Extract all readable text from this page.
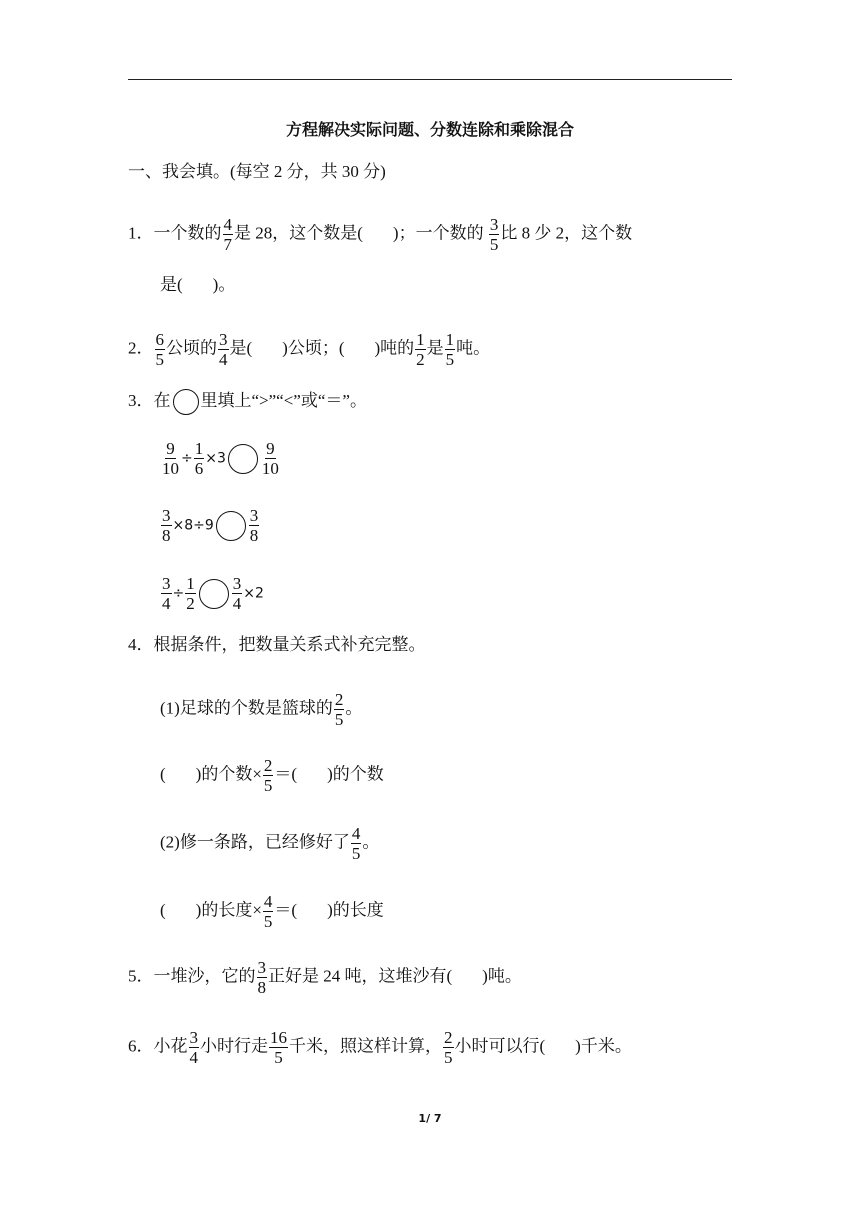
方程解决实际问题、分数连除和乘除混合
一、我会填。(每空 2 分，共 30 分)
1．一个数的 $\frac{4}{7}$ 是 28，这个数是( )；一个数的 $\frac{3}{5}$ 比 8 少 2，这个数
是( )。
2． $\frac{6}{5}$ 公顷的 $\frac{3}{4}$ 是( )公顷；( )吨的 $\frac{1}{2}$ 是 $\frac{1}{5}$ 吨。
3．在 里填上“>”“<”或“＝”。
$\frac{9}{10} \div \frac{1}{6} \times 3 \frac{9}{10}$
$\frac{3}{8} \times 8\div 9 \frac{3}{8}$
$\frac{3}{4} \div \frac{1}{2} \frac{3}{4} \times 2$
4．根据条件，把数量关系式补充完整。
(1)足球的个数是篮球的 $\frac{2}{5}$ 。
( )的个数× $\frac{2}{5}$ ＝( )的个数
(2)修一条路，已经修好了 $\frac{4}{5}$ 。
( )的长度× $\frac{4}{5}$ ＝( )的长度
5．一堆沙，它的 $\frac{3}{8}$ 正好是 24 吨，这堆沙有( )吨。
6．小花 $\frac{3}{4}$ 小时行走 $\frac{16}{5}$ 千米，照这样计算， $\frac{2}{5}$ 小时可以行( )千米。
1/ 7
